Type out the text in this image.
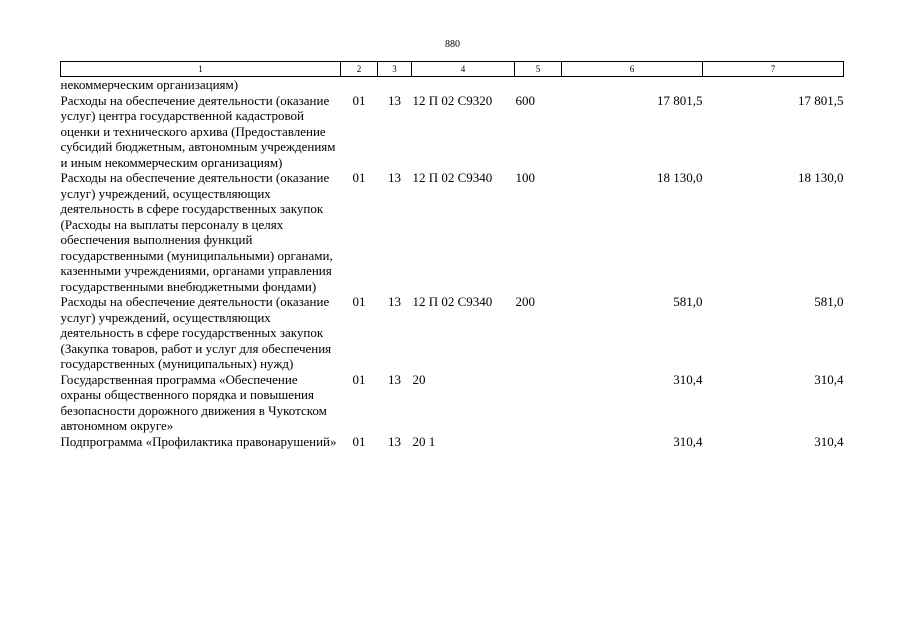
880
1	2	3	4	5	6	7
некоммерческим организациям)						
Расходы на обеспечение деятельности (оказание услуг) центра государственной кадастровой оценки и технического архива (Предоставление субсидий бюджетным, автономным учреждениям и иным некоммерческим организациям)	01	13	12 П 02 С9320	600	17 801,5	17 801,5
Расходы на обеспечение деятельности (оказание услуг) учреждений, осуществляющих деятельность в сфере государственных закупок (Расходы на выплаты персоналу в целях обеспечения выполнения функций государственными (муниципальными) органами, казенными учреждениями, органами управления государственными внебюджетными фондами)	01	13	12 П 02 С9340	100	18 130,0	18 130,0
Расходы на обеспечение деятельности (оказание услуг) учреждений, осуществляющих деятельность в сфере государственных закупок (Закупка товаров, работ и услуг для обеспечения государственных (муниципальных) нужд)	01	13	12 П 02 С9340	200	581,0	581,0
Государственная программа «Обеспечение охраны общественного порядка и повышения безопасности дорожного движения в Чукотском автономном округе»	01	13	20		310,4	310,4
Подпрограмма «Профилактика правонарушений»	01	13	20 1		310,4	310,4
